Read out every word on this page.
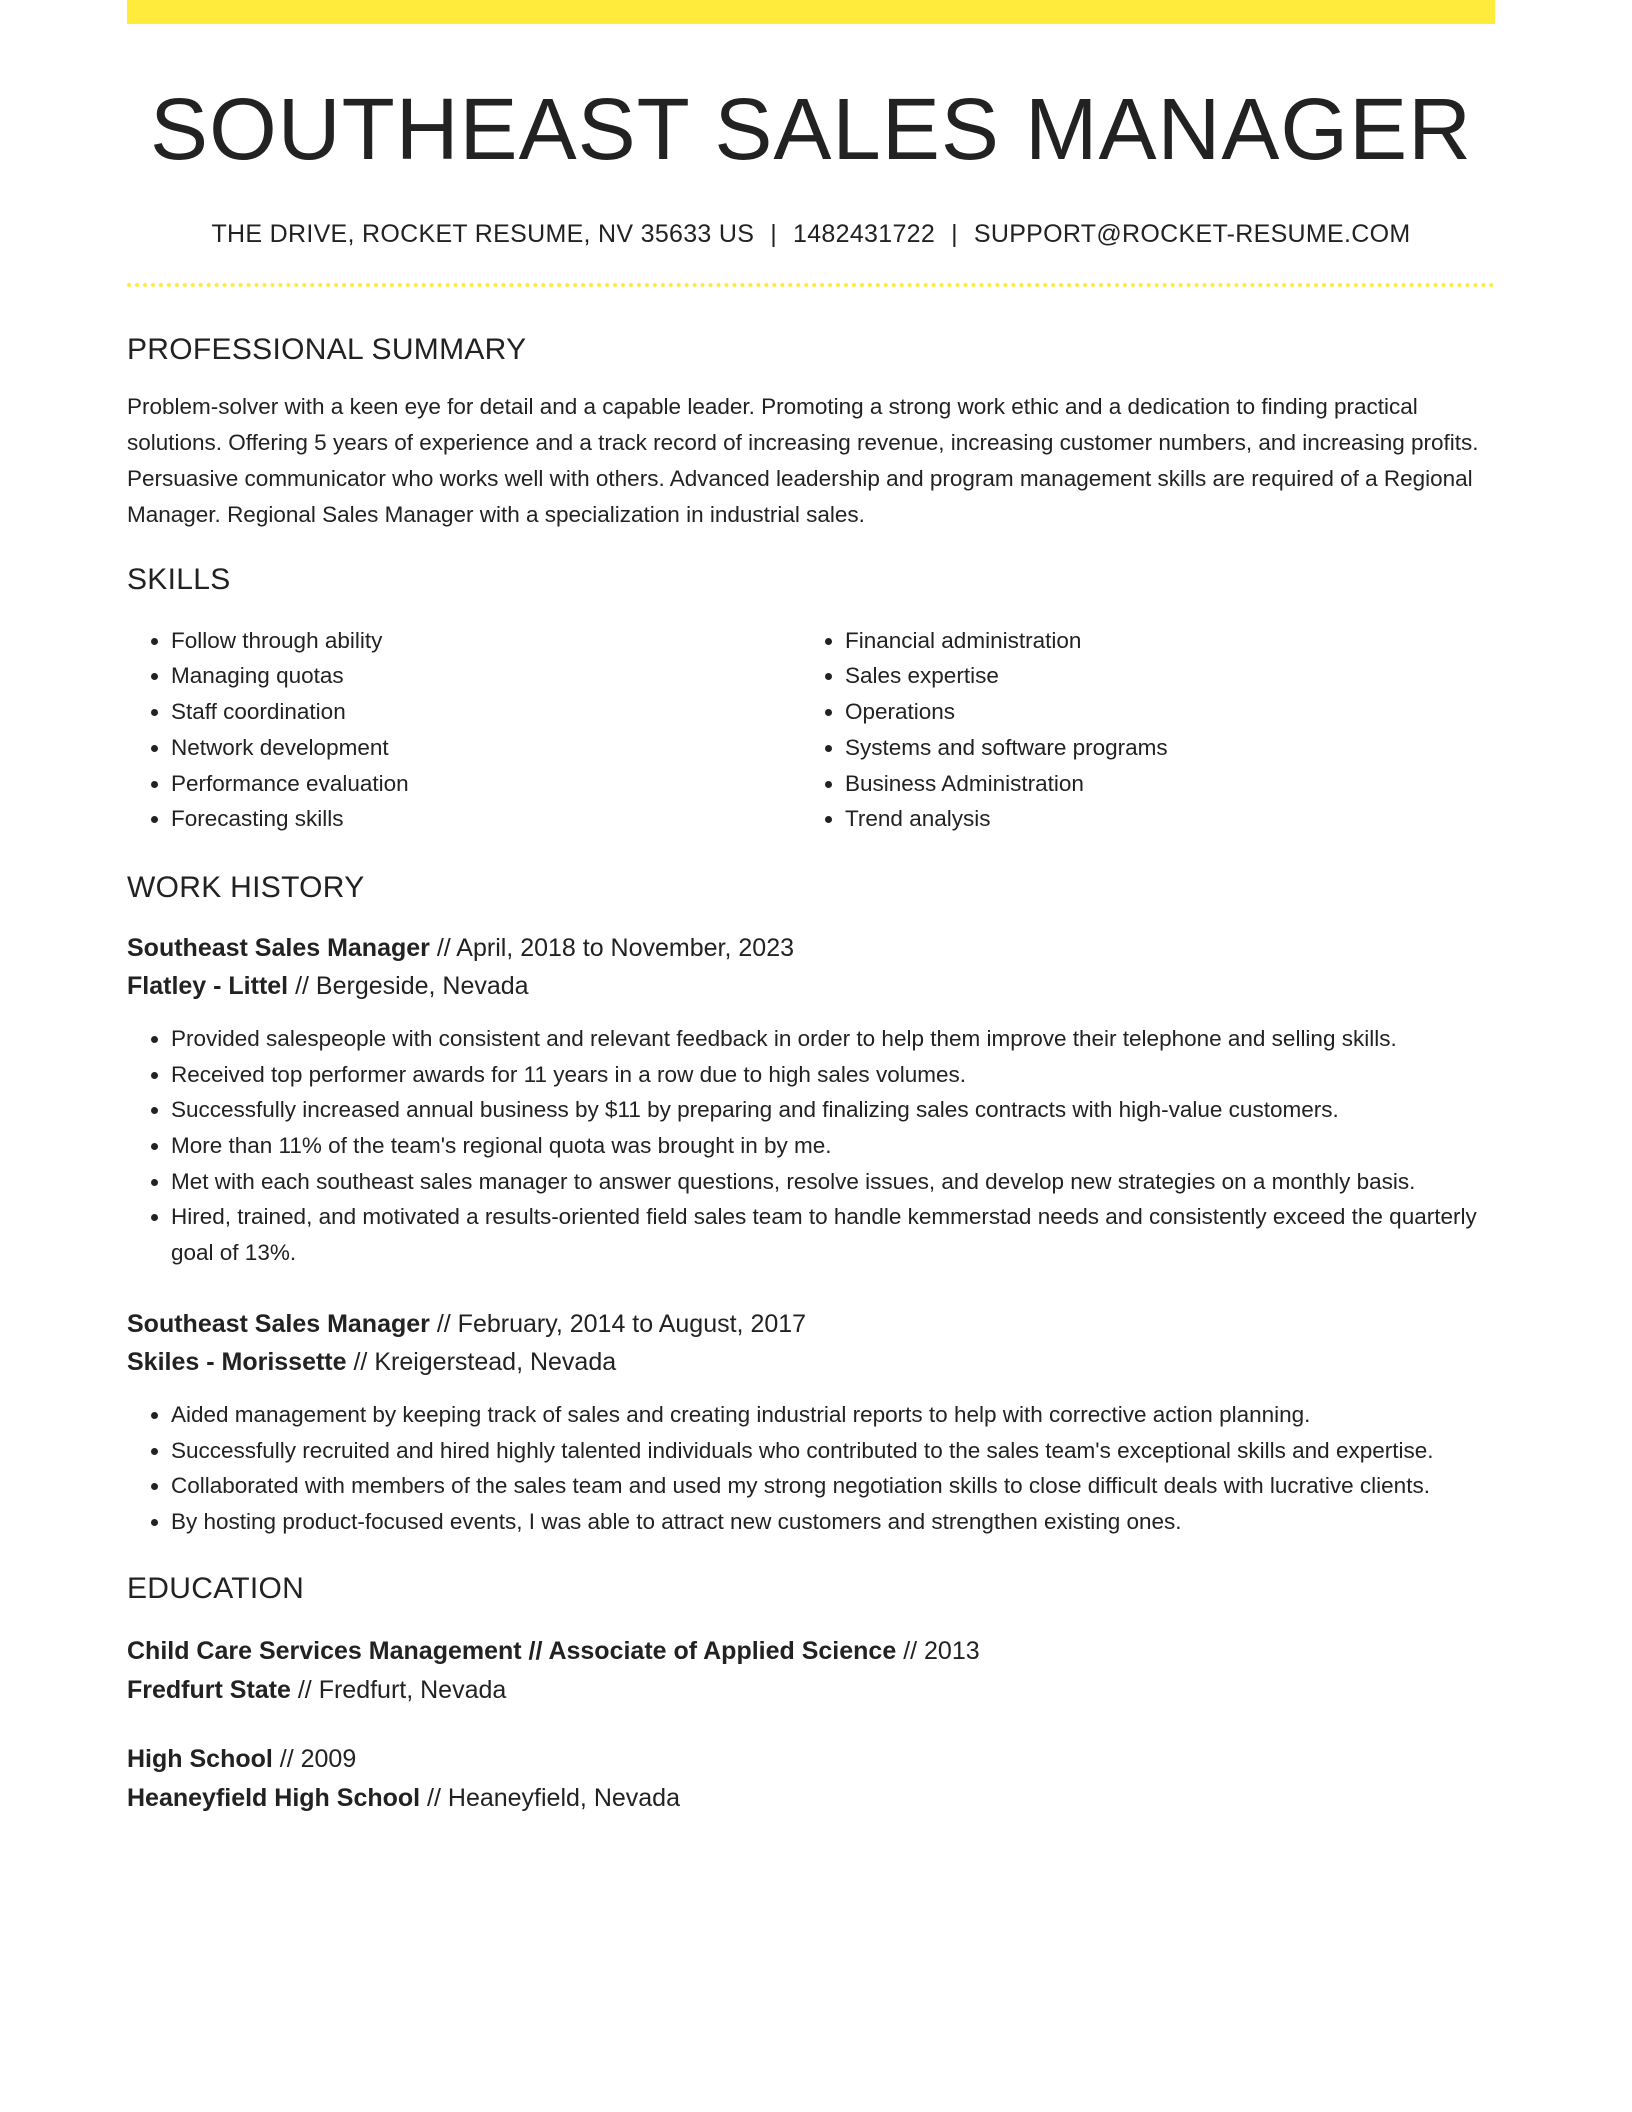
SOUTHEAST SALES MANAGER
THE DRIVE, ROCKET RESUME, NV 35633 US | 1482431722 | SUPPORT@ROCKET-RESUME.COM
PROFESSIONAL SUMMARY

Problem-solver with a keen eye for detail and a capable leader. Promoting a strong work ethic and a dedication to finding practical solutions. Offering 5 years of experience and a track record of increasing revenue, increasing customer numbers, and increasing profits. Persuasive communicator who works well with others. Advanced leadership and program management skills are required of a Regional Manager. Regional Sales Manager with a specialization in industrial sales.

SKILLS
• Follow through ability
• Managing quotas
• Staff coordination
• Network development
• Performance evaluation
• Forecasting skills
• Financial administration
• Sales expertise
• Operations
• Systems and software programs
• Business Administration
• Trend analysis
WORK HISTORY
Southeast Sales Manager // April, 2018 to November, 2023
Flatley - Littel // Bergeside, Nevada
• Provided salespeople with consistent and relevant feedback in order to help them improve their telephone and selling skills.
• Received top performer awards for 11 years in a row due to high sales volumes.
• Successfully increased annual business by $11 by preparing and finalizing sales contracts with high-value customers.
• More than 11% of the team's regional quota was brought in by me.
• Met with each southeast sales manager to answer questions, resolve issues, and develop new strategies on a monthly basis.
• Hired, trained, and motivated a results-oriented field sales team to handle kemmerstad needs and consistently exceed the quarterly goal of 13%.
Southeast Sales Manager // February, 2014 to August, 2017
Skiles - Morissette // Kreigerstead, Nevada
• Aided management by keeping track of sales and creating industrial reports to help with corrective action planning.
• Successfully recruited and hired highly talented individuals who contributed to the sales team's exceptional skills and expertise.
• Collaborated with members of the sales team and used my strong negotiation skills to close difficult deals with lucrative clients.
• By hosting product-focused events, I was able to attract new customers and strengthen existing ones.
EDUCATION
Child Care Services Management // Associate of Applied Science // 2013
Fredfurt State // Fredfurt, Nevada
High School // 2009
Heaneyfield High School // Heaneyfield, Nevada
